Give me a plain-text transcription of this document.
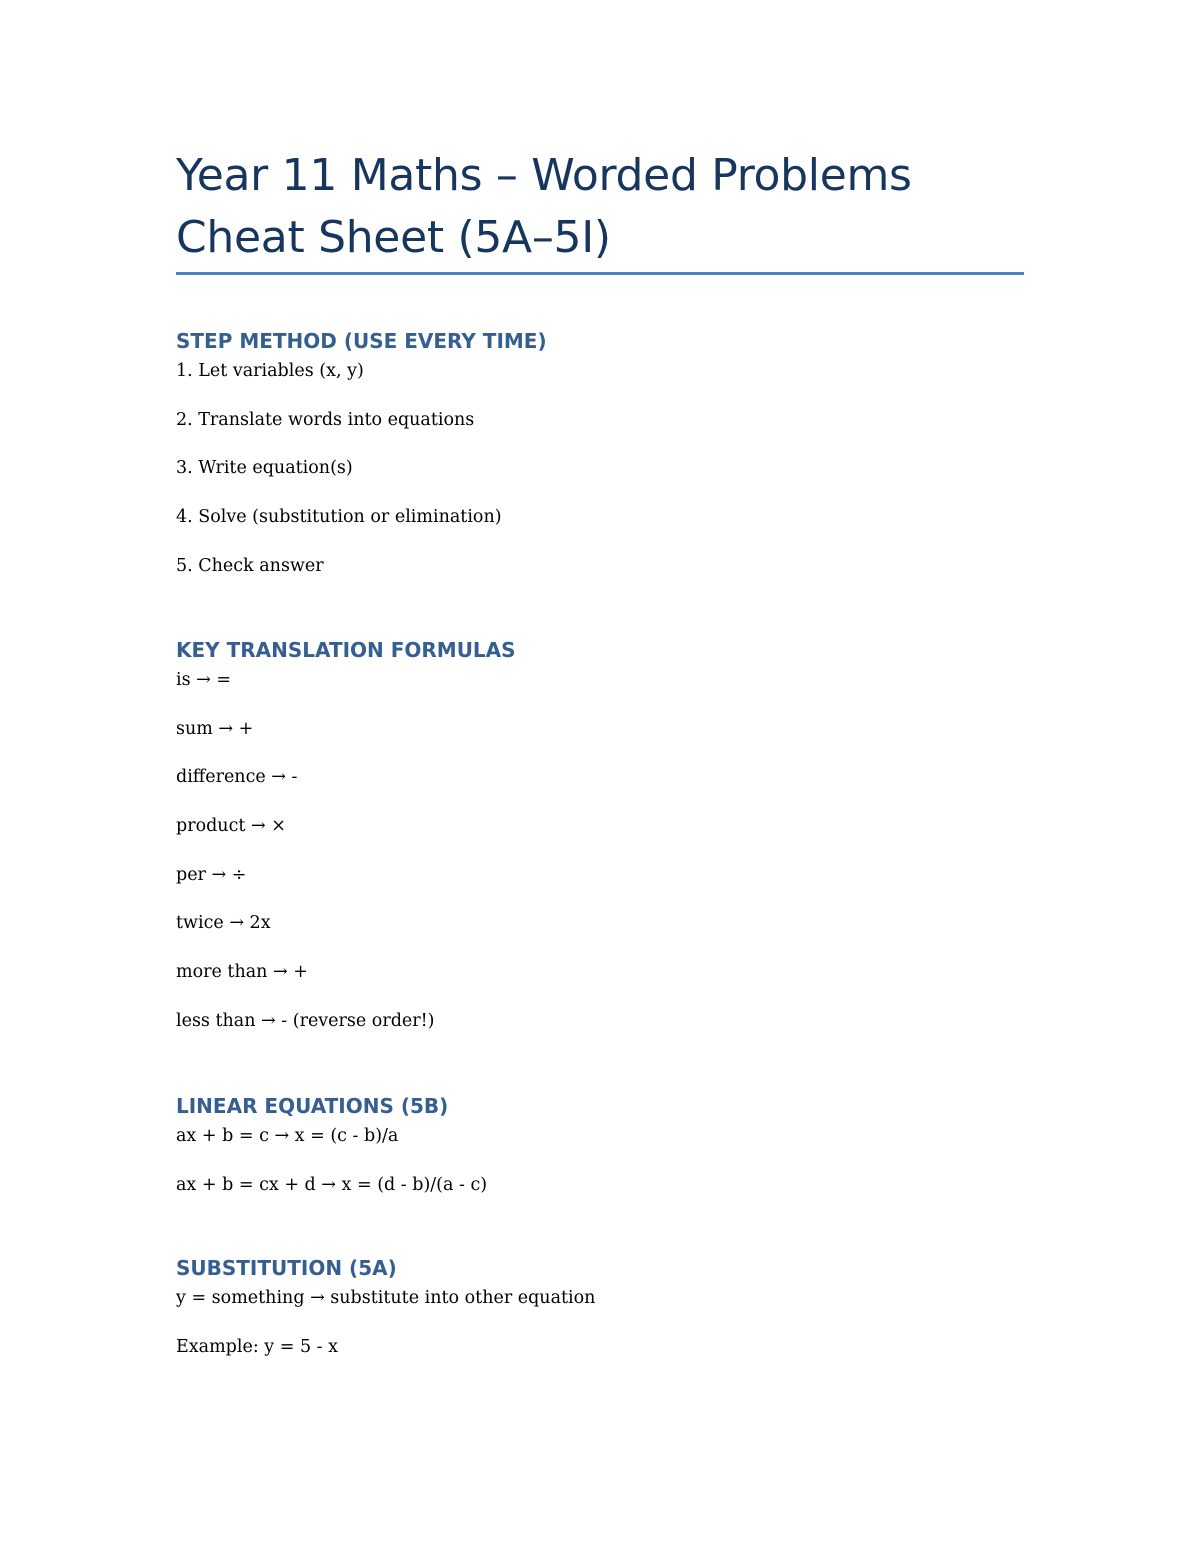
Year 11 Maths – Worded Problems
Cheat Sheet (5A–5I)
STEP METHOD (USE EVERY TIME)

1. Let variables (x, y)

2. Translate words into equations

3. Write equation(s)

4. Solve (substitution or elimination)

5. Check answer

KEY TRANSLATION FORMULAS

is → =

sum → +

difference → -

product → ×

per → ÷

twice → 2x

more than → +

less than → - (reverse order!)

LINEAR EQUATIONS (5B)

ax + b = c → x = (c - b)/a

ax + b = cx + d → x = (d - b)/(a - c)

SUBSTITUTION (5A)

y = something → substitute into other equation

Example: y = 5 - x
